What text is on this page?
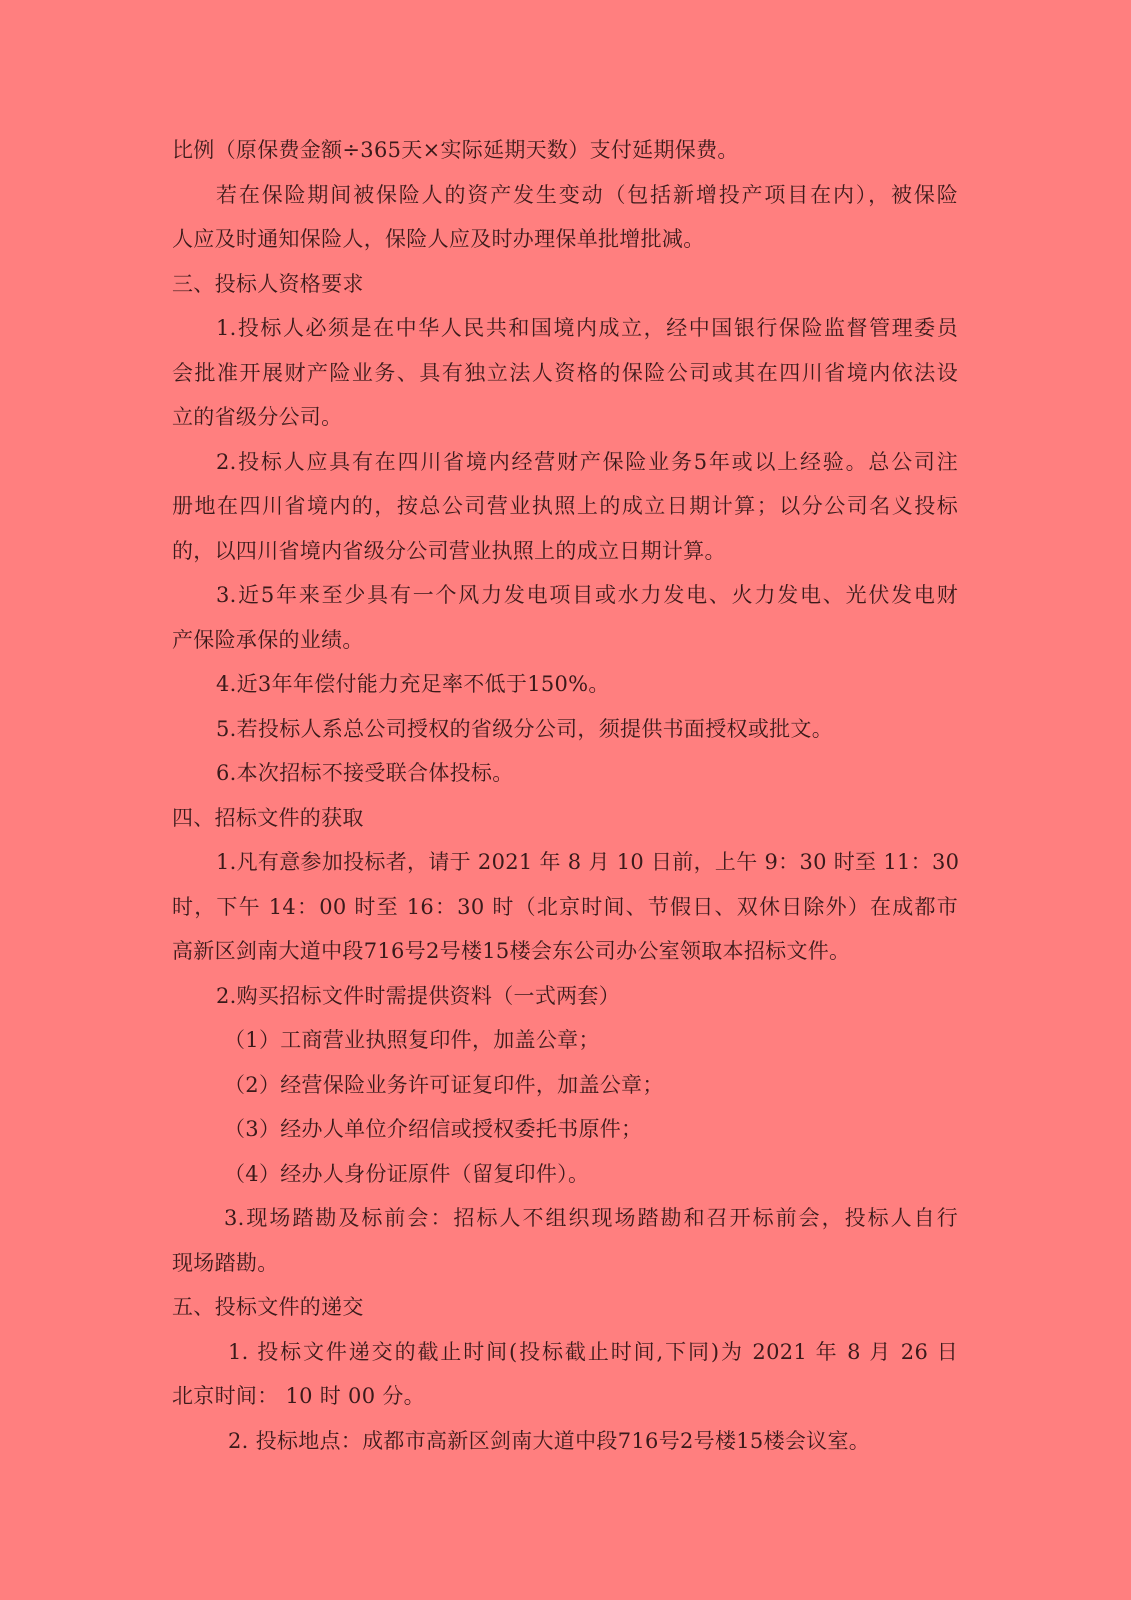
比例（原保费金额÷365天×实际延期天数）支付延期保费。
若在保险期间被保险人的资产发生变动（包括新增投产项目在内），被保险
人应及时通知保险人，保险人应及时办理保单批增批减。
三、投标人资格要求
1.投标人必须是在中华人民共和国境内成立，经中国银行保险监督管理委员
会批准开展财产险业务、具有独立法人资格的保险公司或其在四川省境内依法设
立的省级分公司。
2.投标人应具有在四川省境内经营财产保险业务5年或以上经验。总公司注
册地在四川省境内的，按总公司营业执照上的成立日期计算；以分公司名义投标
的，以四川省境内省级分公司营业执照上的成立日期计算。
3.近5年来至少具有一个风力发电项目或水力发电、火力发电、光伏发电财
产保险承保的业绩。
4.近3年年偿付能力充足率不低于150%。
5.若投标人系总公司授权的省级分公司，须提供书面授权或批文。
6.本次招标不接受联合体投标。
四、招标文件的获取
1.凡有意参加投标者，请于 2021 年 8 月 10 日前，上午 9：30 时至 11：30
时，下午 14：00 时至 16：30 时（北京时间、节假日、双休日除外）在成都市
高新区剑南大道中段716号2号楼15楼会东公司办公室领取本招标文件。
2.购买招标文件时需提供资料（一式两套）
（1）工商营业执照复印件，加盖公章；
（2）经营保险业务许可证复印件，加盖公章；
（3）经办人单位介绍信或授权委托书原件；
（4）经办人身份证原件（留复印件）。
3.现场踏勘及标前会：招标人不组织现场踏勘和召开标前会，投标人自行
现场踏勘。
五、投标文件的递交
1. 投标文件递交的截止时间(投标截止时间,下同)为 2021 年 8 月 26 日
北京时间： 10 时 00 分。
2. 投标地点：成都市高新区剑南大道中段716号2号楼15楼会议室。
